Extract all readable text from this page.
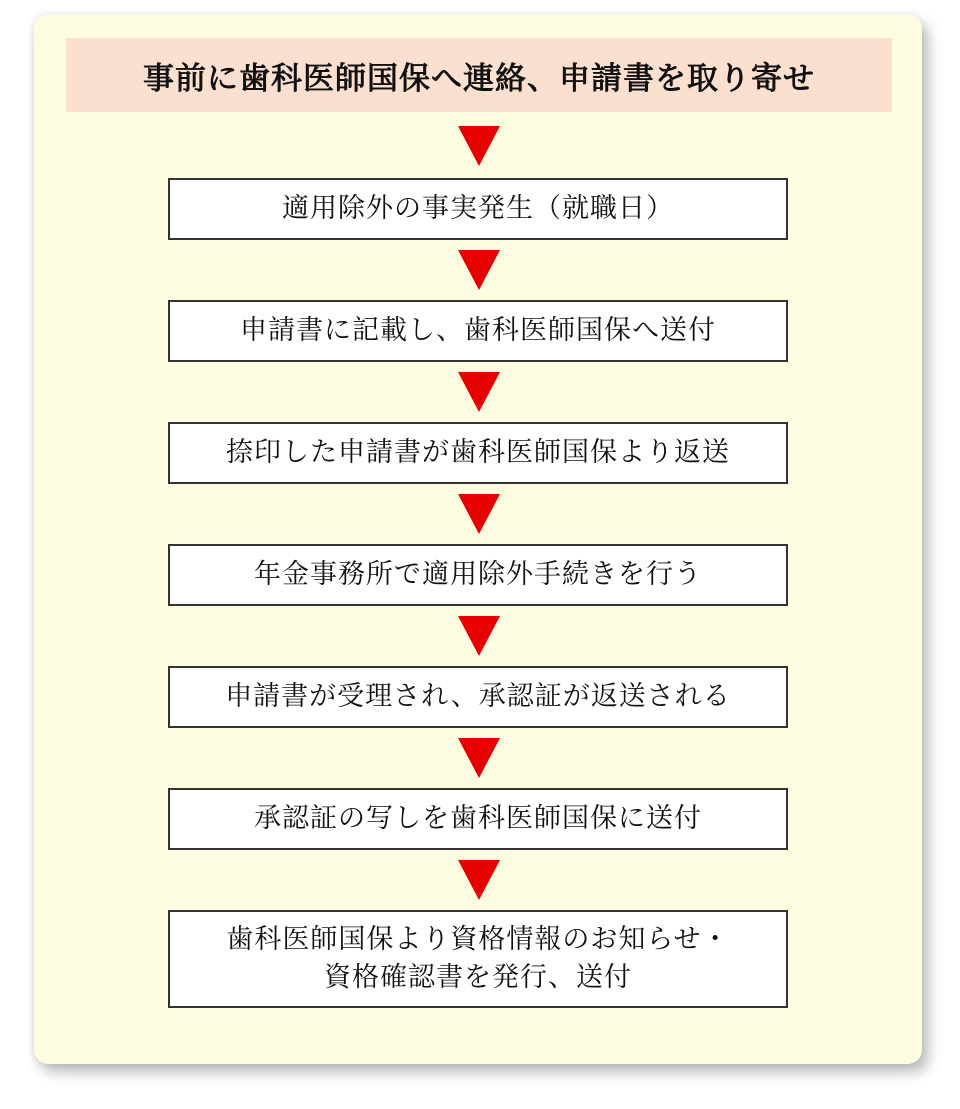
事前に歯科医師国保へ連絡、申請書を取り寄せ
適用除外の事実発生（就職日）
申請書に記載し、歯科医師国保へ送付
捺印した申請書が歯科医師国保より返送
年金事務所で適用除外手続きを行う
申請書が受理され、承認証が返送される
承認証の写しを歯科医師国保に送付
歯科医師国保より資格情報のお知らせ・
資格確認書を発行、送付
